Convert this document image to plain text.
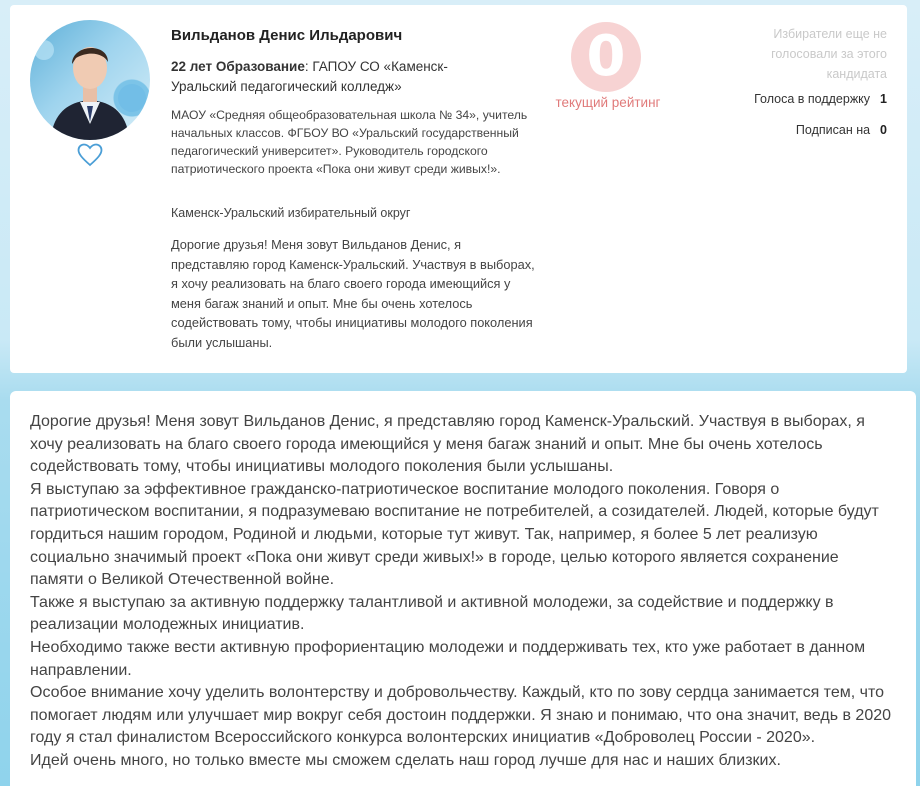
Вильданов Денис Ильдарович
22 лет Образование: ГАПОУ СО «Каменск-Уральский педагогический колледж»
МАОУ «Средняя общеобразовательная школа № 34», учитель начальных классов. ФГБОУ ВО «Уральский государственный педагогический университет». Руководитель городского патриотического проекта «Пока они живут среди живых!».
Каменск-Уральский избирательный округ
Дорогие друзья! Меня зовут Вильданов Денис, я представляю город Каменск-Уральский. Участвуя в выборах, я хочу реализовать на благо своего города имеющийся у меня багаж знаний и опыт. Мне бы очень хотелось содействовать тому, чтобы инициативы молодого поколения были услышаны.
0
текущий рейтинг
Избиратели еще не голосовали за этого кандидата
Голоса в поддержку 1
Подписан на 0

Дорогие друзья! Меня зовут Вильданов Денис, я представляю город Каменск-Уральский. Участвуя в выборах, я хочу реализовать на благо своего города имеющийся у меня багаж знаний и опыт. Мне бы очень хотелось содействовать тому, чтобы инициативы молодого поколения были услышаны.

Я выступаю за эффективное гражданско-патриотическое воспитание молодого поколения. Говоря о патриотическом воспитании, я подразумеваю воспитание не потребителей, а созидателей. Людей, которые будут гордиться нашим городом, Родиной и людьми, которые тут живут. Так, например, я более 5 лет реализую социально значимый проект «Пока они живут среди живых!» в городе, целью которого является сохранение памяти о Великой Отечественной войне.

Также я выступаю за активную поддержку талантливой и активной молодежи, за содействие и поддержку в реализации молодежных инициатив.

Необходимо также вести активную профориентацию молодежи и поддерживать тех, кто уже работает в данном направлении.

Особое внимание хочу уделить волонтерству и добровольчеству. Каждый, кто по зову сердца занимается тем, что помогает людям или улучшает мир вокруг себя достоин поддержки. Я знаю и понимаю, что она значит, ведь в 2020 году я стал финалистом Всероссийского конкурса волонтерских инициатив «Доброволец России - 2020».

Идей очень много, но только вместе мы сможем сделать наш город лучше для нас и наших близких.
